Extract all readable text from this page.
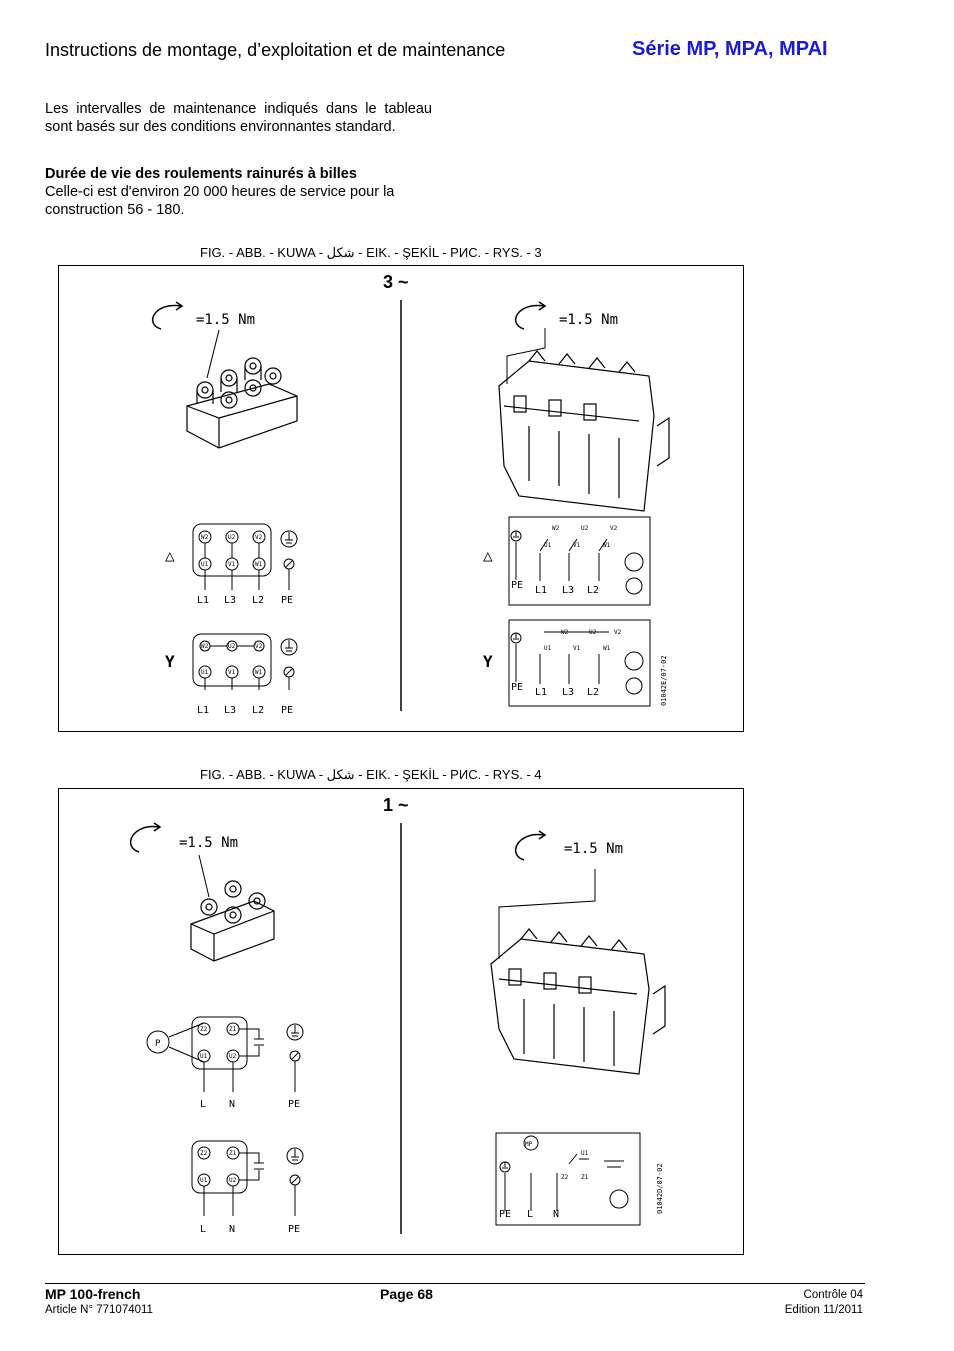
Instructions de montage, d’exploitation et de maintenance	Série MP, MPA, MPAI
Les intervalles de maintenance indiqués dans le tableau sont basés sur des conditions environnantes standard.
Durée de vie des roulements rainurés à billes
Celle-ci est d'environ 20 000 heures de service pour la construction 56 - 180.
FIG. - ABB. - KUWA - شكل - EIK. - ŞEKİL - РИС. - RYS. - 3
3 ~
=1.5 Nm	=1.5 Nm
△	△
Y	Y
W2	U2	V2
U1	V1	W1
L1 L3 L2 PE
W2	U2	V2
U1	V1	W1
L1 L3 L2 PE
W2	U2	V2
U1	V1	W1
PE L1 L3 L2
W2	U2	V2
U1	V1	W1
PE L1 L3 L2	01042E/07-02
FIG. - ABB. - KUWA - شكل - EIK. - ŞEKİL - РИС. - RYS. - 4
1 ~
=1.5 Nm	=1.5 Nm
P
Z2	Z1
U1	U2
L N	PE
Z2	Z1
U1	U2
L N	PE
MP
U1
Z2 Z1
PE L N
01042D/07-02
MP 100-french
Article N° 771074011
Page 68	Contrôle 04
Edition 11/2011
